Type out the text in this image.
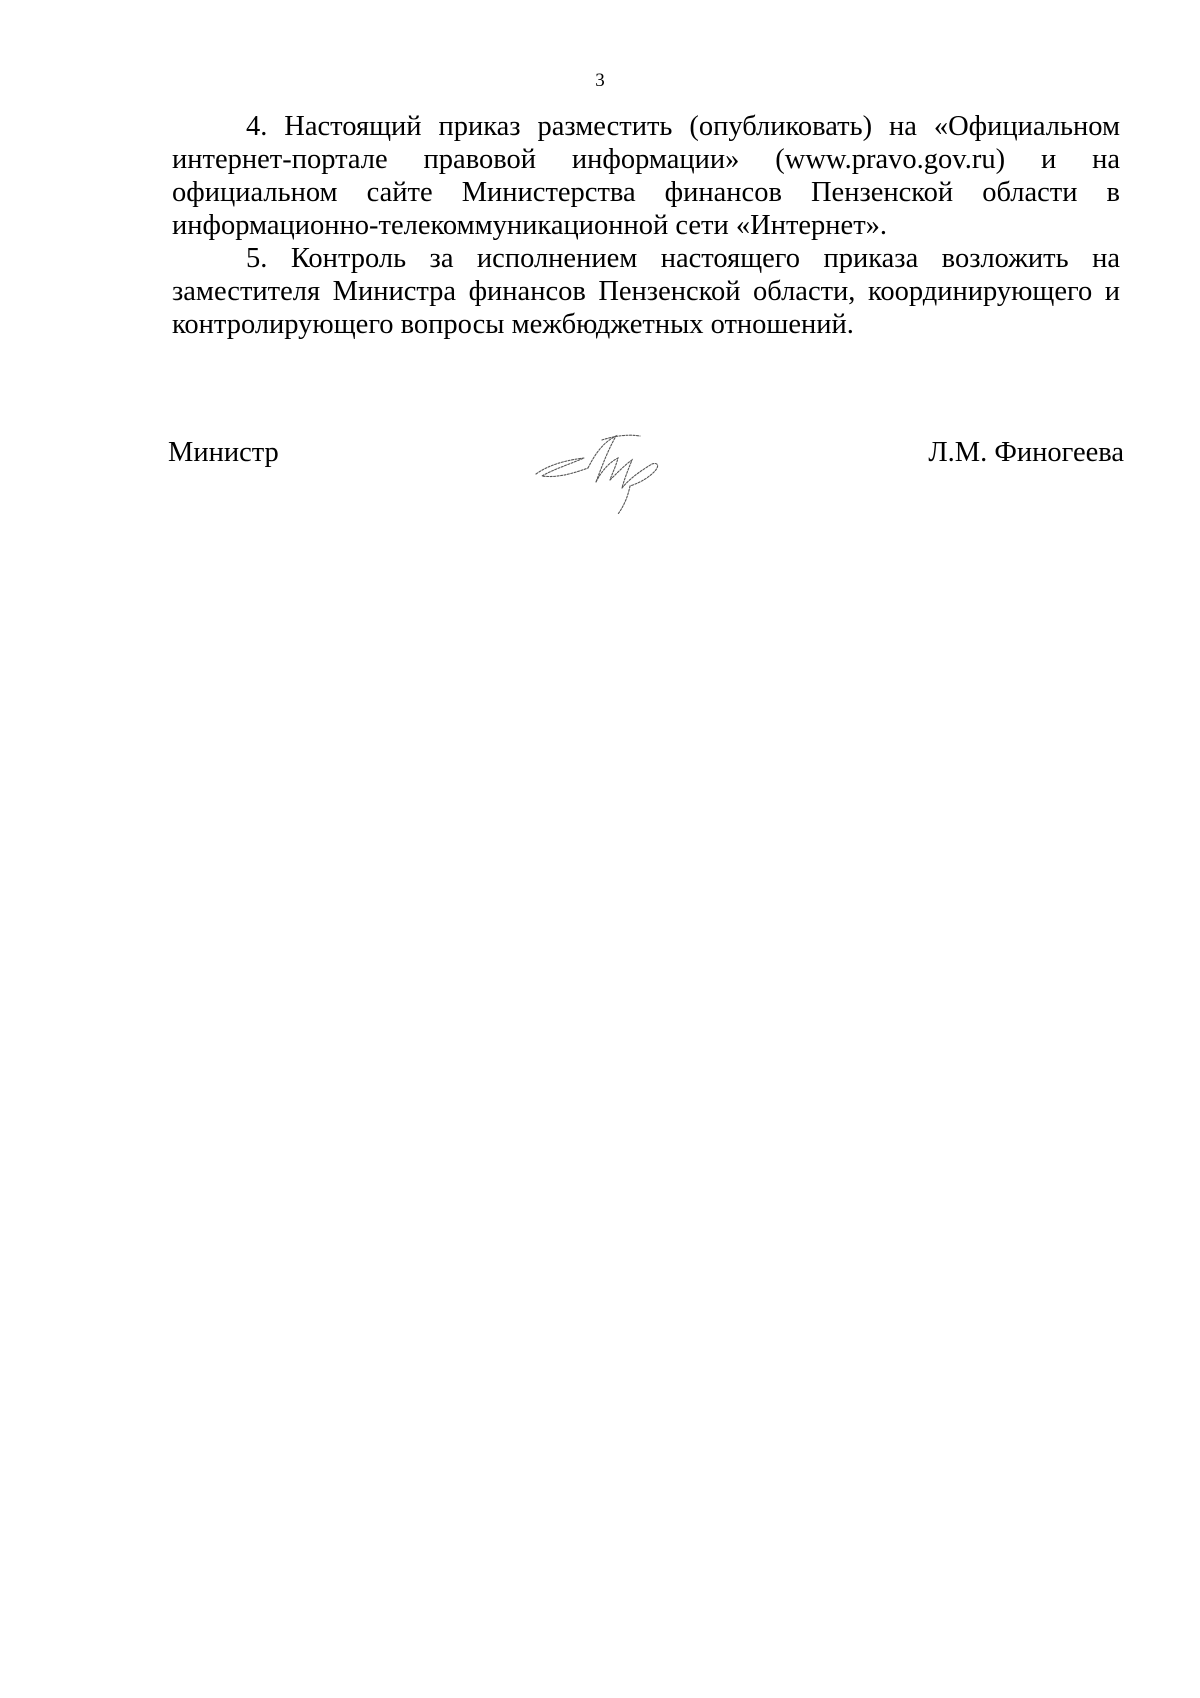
3

4. Настоящий приказ разместить (опубликовать) на «Официальном интернет-портале правовой информации» (www.pravo.gov.ru) и на официальном сайте Министерства финансов Пензенской области в информационно-телекоммуникационной сети «Интернет».

5. Контроль за исполнением настоящего приказа возложить на заместителя Министра финансов Пензенской области, координирующего и контролирующего вопросы межбюджетных отношений.

Министр	Л.М. Финогеева
